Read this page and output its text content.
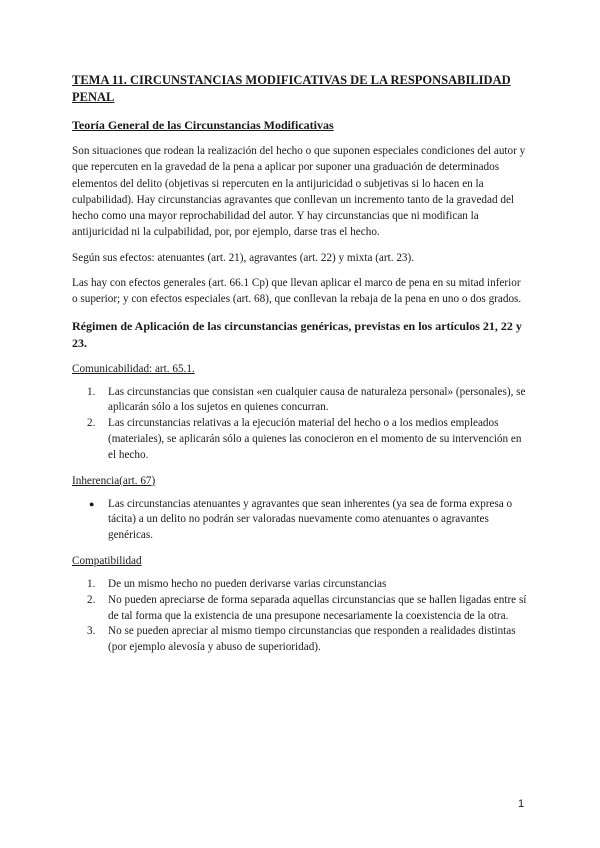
TEMA 11. CIRCUNSTANCIAS MODIFICATIVAS DE LA RESPONSABILIDAD PENAL
Teoría General de las Circunstancias Modificativas

Son situaciones que rodean la realización del hecho o que suponen especiales condiciones del autor y que repercuten en la gravedad de la pena a aplicar por suponer una graduación de determinados elementos del delito (objetivas si repercuten en la antijuricidad o subjetivas si lo hacen en la culpabilidad). Hay circunstancias agravantes que conllevan un incremento tanto de la gravedad del hecho como una mayor reprochabilidad del autor. Y hay circunstancias que ni modifican la antijuricidad ni la culpabilidad, por, por ejemplo, darse tras el hecho.

Según sus efectos: atenuantes (art. 21), agravantes (art. 22) y mixta (art. 23).

Las hay con efectos generales (art. 66.1 Cp) que llevan aplicar el marco de pena en su mitad inferior o superior; y con efectos especiales (art. 68), que conllevan la rebaja de la pena en uno o dos grados.

Régimen de Aplicación de las circunstancias genéricas, previstas en los artículos 21, 22 y 23.
Comunicabilidad: art. 65.1.
1.	Las circunstancias que consistan «en cualquier causa de naturaleza personal» (personales), se aplicarán sólo a los sujetos en quienes concurran.
2.	Las circunstancias relativas a la ejecución material del hecho o a los medios empleados (materiales), se aplicarán sólo a quienes las conocieron en el momento de su intervención en el hecho.
Inherencia(art. 67)
●	Las circunstancias atenuantes y agravantes que sean inherentes (ya sea de forma expresa o tácita) a un delito no podrán ser valoradas nuevamente como atenuantes o agravantes genéricas.
Compatibilidad
1.	De un mismo hecho no pueden derivarse varias circunstancias
2.	No pueden apreciarse de forma separada aquellas circunstancias que se hallen ligadas entre sí de tal forma que la existencia de una presupone necesariamente la coexistencia de la otra.
3.	No se pueden apreciar al mismo tiempo circunstancias que responden a realidades distintas (por ejemplo alevosía y abuso de superioridad).
1
